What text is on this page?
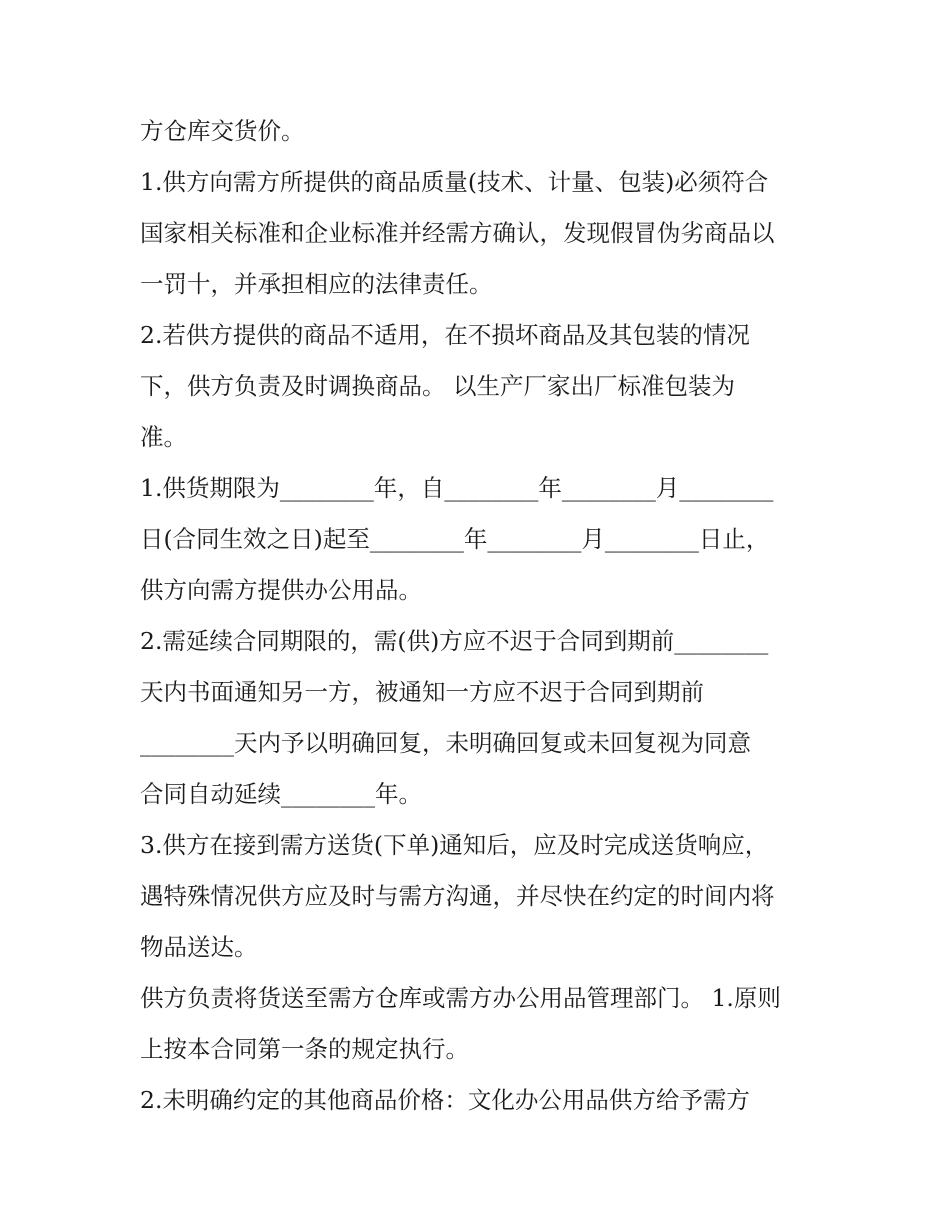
方仓库交货价。
1.供方向需方所提供的商品质量(技术、计量、包装)必须符合
国家相关标准和企业标准并经需方确认，发现假冒伪劣商品以
一罚十，并承担相应的法律责任。
2.若供方提供的商品不适用，在不损坏商品及其包装的情况
下，供方负责及时调换商品。 以生产厂家出厂标准包装为
准。
1.供货期限为________年，自________年________月________
日(合同生效之日)起至________年________月________日止，
供方向需方提供办公用品。
2.需延续合同期限的，需(供)方应不迟于合同到期前________
天内书面通知另一方，被通知一方应不迟于合同到期前
________天内予以明确回复，未明确回复或未回复视为同意
合同自动延续________年。
3.供方在接到需方送货(下单)通知后，应及时完成送货响应，
遇特殊情况供方应及时与需方沟通，并尽快在约定的时间内将
物品送达。
供方负责将货送至需方仓库或需方办公用品管理部门。 1.原则
上按本合同第一条的规定执行。
2.未明确约定的其他商品价格：文化办公用品供方给予需方
